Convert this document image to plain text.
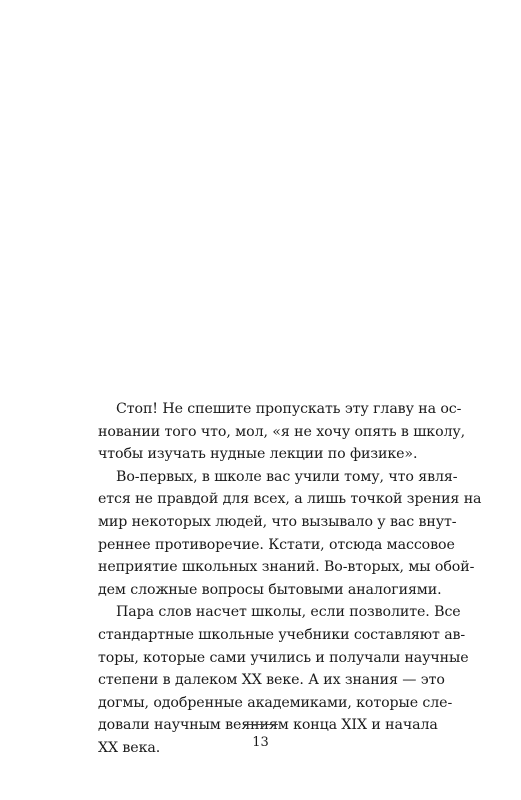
Стоп! Не спешите пропускать эту главу на ос-
новании того что, мол, «я не хочу опять в школу,
чтобы изучать нудные лекции по физике».
Во-первых, в школе вас учили тому, что явля-
ется не правдой для всех, а лишь точкой зрения на
мир некоторых людей, что вызывало у вас внут-
реннее противоречие. Кстати, отсюда массовое
неприятие школьных знаний. Во-вторых, мы обой-
дем сложные вопросы бытовыми аналогиями.
Пара слов насчет школы, если позволите. Все
стандартные школьные учебники составляют ав-
торы, которые сами учились и получали научные
степени в далеком XX веке. А их знания — это
догмы, одобренные академиками, которые сле-
довали научным веяниям конца XIX и начала
XX века.	13
